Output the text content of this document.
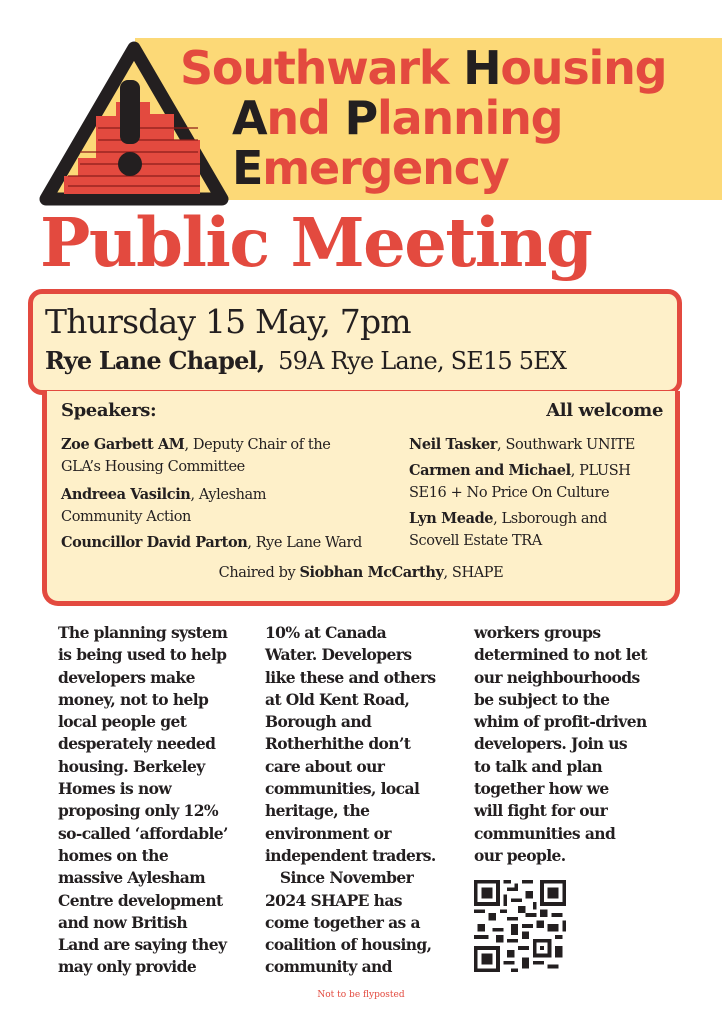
Southwark Housing
And Planning
Emergency
Public Meeting
Thursday 15 May, 7pm
Rye Lane Chapel, 59A Rye Lane, SE15 5EX
Speakers:	All welcome
Zoe Garbett AM, Deputy Chair of the
GLA’s Housing Committee
Andreea Vasilcin, Aylesham
Community Action
Councillor David Parton, Rye Lane Ward
Neil Tasker, Southwark UNITE
Carmen and Michael, PLUSH
SE16 + No Price On Culture
Lyn Meade, Lsborough and
Scovell Estate TRA
Chaired by Siobhan McCarthy, SHAPE
The planning system
is being used to help
developers make
money, not to help
local people get
desperately needed
housing. Berkeley
Homes is now
proposing only 12%
so-called ‘affordable’
homes on the
massive Aylesham
Centre development
and now British
Land are saying they
may only provide
10% at Canada
Water. Developers
like these and others
at Old Kent Road,
Borough and
Rotherhithe don’t
care about our
communities, local
heritage, the
environment or
independent traders.
 Since November
2024 SHAPE has
come together as a
coalition of housing,
community and
workers groups
determined to not let
our neighbourhoods
be subject to the
whim of profit-driven
developers. Join us
to talk and plan
together how we
will fight for our
communities and
our people.
Not to be flyposted
